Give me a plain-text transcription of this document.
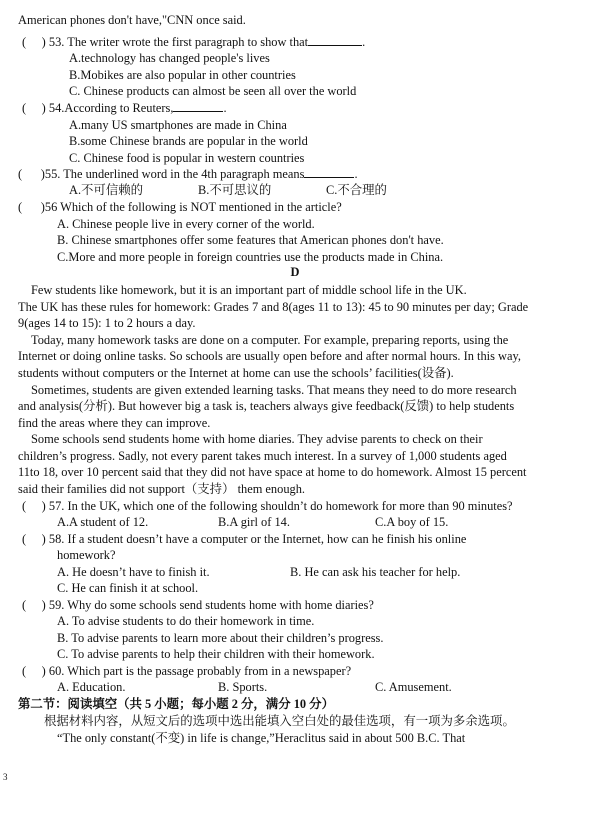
American phones don't have,"CNN once said.
( ) 53. The writer wrote the first paragraph to show that	.
A.technology has changed people's lives
B.Mobikes are also popular in other countries
C. Chinese products can almost be seen all over the world
( ) 54.According to Reuters,	.
A.many US smartphones are made in China
B.some Chinese brands are popular in the world
C. Chinese food is popular in western countries
( )55. The underlined word in the 4th paragraph means	.
A.不可信赖的	B.不可思议的	C.不合理的
( )56 Which of the following is NOT mentioned in the article?
A. Chinese people live in every corner of the world.
B. Chinese smartphones offer some features that American phones don't have.
C.More and more people in foreign countries use the products made in China.
D
Few students like homework, but it is an important part of middle school life in the UK.
The UK has these rules for homework: Grades 7 and 8(ages 11 to 13): 45 to 90 minutes per day; Grade
9(ages 14 to 15): 1 to 2 hours a day.
Today, many homework tasks are done on a computer. For example, preparing reports, using the
Internet or doing online tasks. So schools are usually open before and after normal hours. In this way,
students without computers or the Internet at home can use the schools’ facilities(设备).
Sometimes, students are given extended learning tasks. That means they need to do more research
and analysis(分析). But however big a task is, teachers always give feedback(反馈) to help students
find the areas where they can improve.
Some schools send students home with home diaries. They advise parents to check on their
children’s progress. Sadly, not every parent takes much interest. In a survey of 1,000 students aged
11to 18, over 10 percent said that they did not have space at home to do homework. Almost 15 percent
said their families did not support（支持） them enough.
( ) 57. In the UK, which one of the following shouldn’t do homework for more than 90 minutes?
A.A student of 12.	B.A girl of 14.	C.A boy of 15.
( ) 58. If a student doesn’t have a computer or the Internet, how can he finish his online
homework?
A. He doesn’t have to finish it.	B. He can ask his teacher for help.
C. He can finish it at school.
( ) 59. Why do some schools send students home with home diaries?
A. To advise students to do their homework in time.
B. To advise parents to learn more about their children’s progress.
C. To advise parents to help their children with their homework.
( ) 60. Which part is the passage probably from in a newspaper?
A. Education.	B. Sports.	C. Amusement.
第二节：阅读填空（共 5 小题；每小题 2 分，满分 10 分）
根据材料内容，从短文后的选项中选出能填入空白处的最佳选项，有一项为多余选项。
“The only constant(不变) in life is change,”Heraclitus said in about 500 B.C. That
3
